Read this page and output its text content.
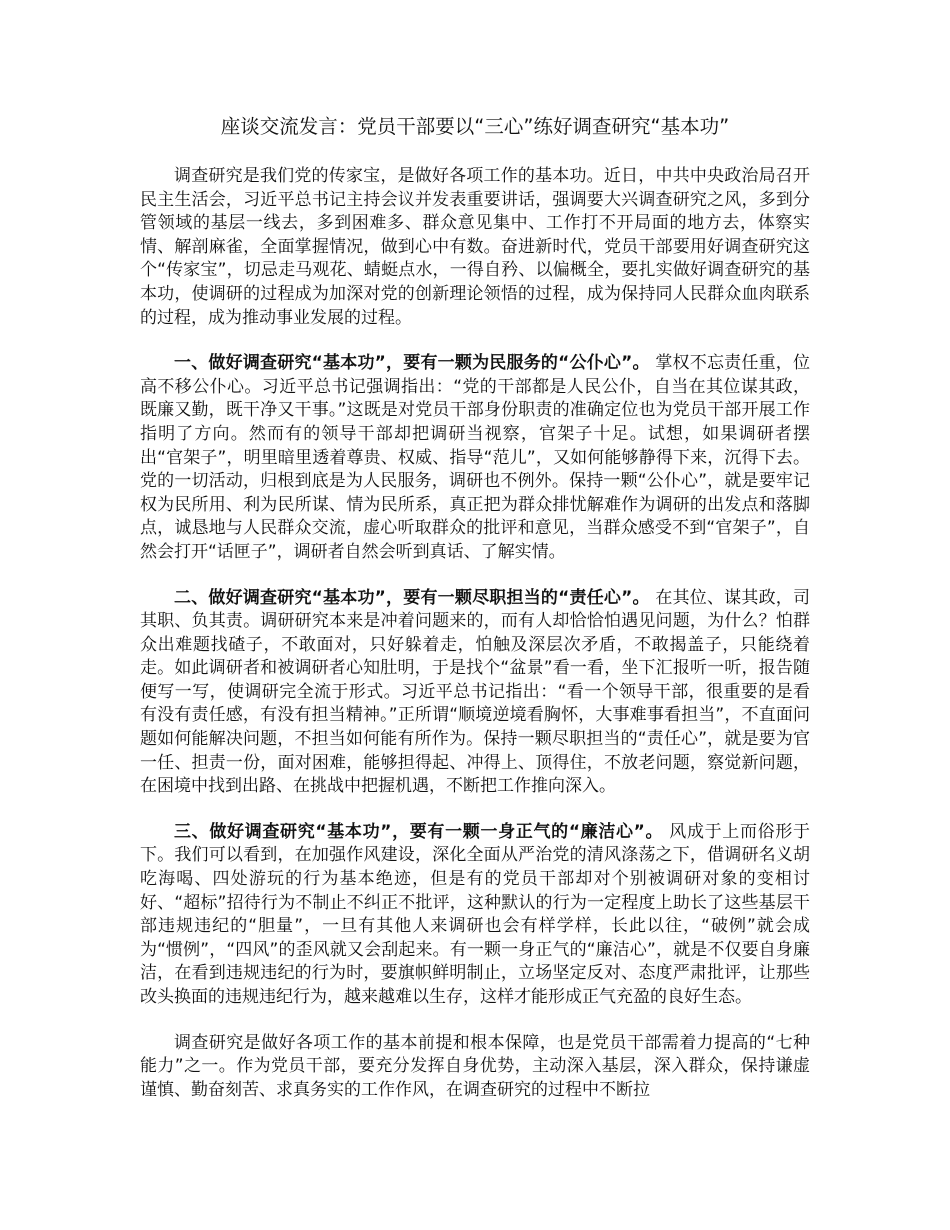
座谈交流发言：党员干部要以“三心”练好调查研究“基本功”

调查研究是我们党的传家宝，是做好各项工作的基本功。近日，中共中央政治局召开民主生活会，习近平总书记主持会议并发表重要讲话，强调要大兴调查研究之风，多到分管领域的基层一线去，多到困难多、群众意见集中、工作打不开局面的地方去，体察实情、解剖麻雀，全面掌握情况，做到心中有数。奋进新时代，党员干部要用好调查研究这个“传家宝”，切忌走马观花、蜻蜓点水，一得自矜、以偏概全，要扎实做好调查研究的基本功，使调研的过程成为加深对党的创新理论领悟的过程，成为保持同人民群众血肉联系的过程，成为推动事业发展的过程。

一、做好调查研究“基本功”，要有一颗为民服务的“公仆心”。 掌权不忘责任重，位高不移公仆心。习近平总书记强调指出：“党的干部都是人民公仆，自当在其位谋其政，既廉又勤，既干净又干事。”这既是对党员干部身份职责的准确定位也为党员干部开展工作指明了方向。然而有的领导干部却把调研当视察，官架子十足。试想，如果调研者摆出“官架子”，明里暗里透着尊贵、权威、指导“范儿”，又如何能够静得下来，沉得下去。党的一切活动，归根到底是为人民服务，调研也不例外。保持一颗“公仆心”，就是要牢记权为民所用、利为民所谋、情为民所系，真正把为群众排忧解难作为调研的出发点和落脚点，诚恳地与人民群众交流，虚心听取群众的批评和意见，当群众感受不到“官架子”，自然会打开“话匣子”，调研者自然会听到真话、了解实情。

二、做好调查研究“基本功”，要有一颗尽职担当的“责任心”。 在其位、谋其政，司其职、负其责。调研研究本来是冲着问题来的，而有人却恰恰怕遇见问题，为什么？怕群众出难题找碴子，不敢面对，只好躲着走，怕触及深层次矛盾，不敢揭盖子，只能绕着走。如此调研者和被调研者心知肚明，于是找个“盆景”看一看，坐下汇报听一听，报告随便写一写，使调研完全流于形式。习近平总书记指出：“看一个领导干部，很重要的是看有没有责任感，有没有担当精神。”正所谓“顺境逆境看胸怀，大事难事看担当”，不直面问题如何能解决问题，不担当如何能有所作为。保持一颗尽职担当的“责任心”，就是要为官一任、担责一份，面对困难，能够担得起、冲得上、顶得住，不放老问题，察觉新问题，在困境中找到出路、在挑战中把握机遇，不断把工作推向深入。

三、做好调查研究“基本功”，要有一颗一身正气的“廉洁心”。 风成于上而俗形于下。我们可以看到，在加强作风建设，深化全面从严治党的清风涤荡之下，借调研名义胡吃海喝、四处游玩的行为基本绝迹，但是有的党员干部却对个别被调研对象的变相讨好、“超标”招待行为不制止不纠正不批评，这种默认的行为一定程度上助长了这些基层干部违规违纪的“胆量”，一旦有其他人来调研也会有样学样，长此以往，“破例”就会成为“惯例”，“四风”的歪风就又会刮起来。有一颗一身正气的“廉洁心”，就是不仅要自身廉洁，在看到违规违纪的行为时，要旗帜鲜明制止，立场坚定反对、态度严肃批评，让那些改头换面的违规违纪行为，越来越难以生存，这样才能形成正气充盈的良好生态。

调查研究是做好各项工作的基本前提和根本保障，也是党员干部需着力提高的“七种能力”之一。作为党员干部，要充分发挥自身优势，主动深入基层，深入群众，保持谦虚谨慎、勤奋刻苦、求真务实的工作作风，在调查研究的过程中不断拉
